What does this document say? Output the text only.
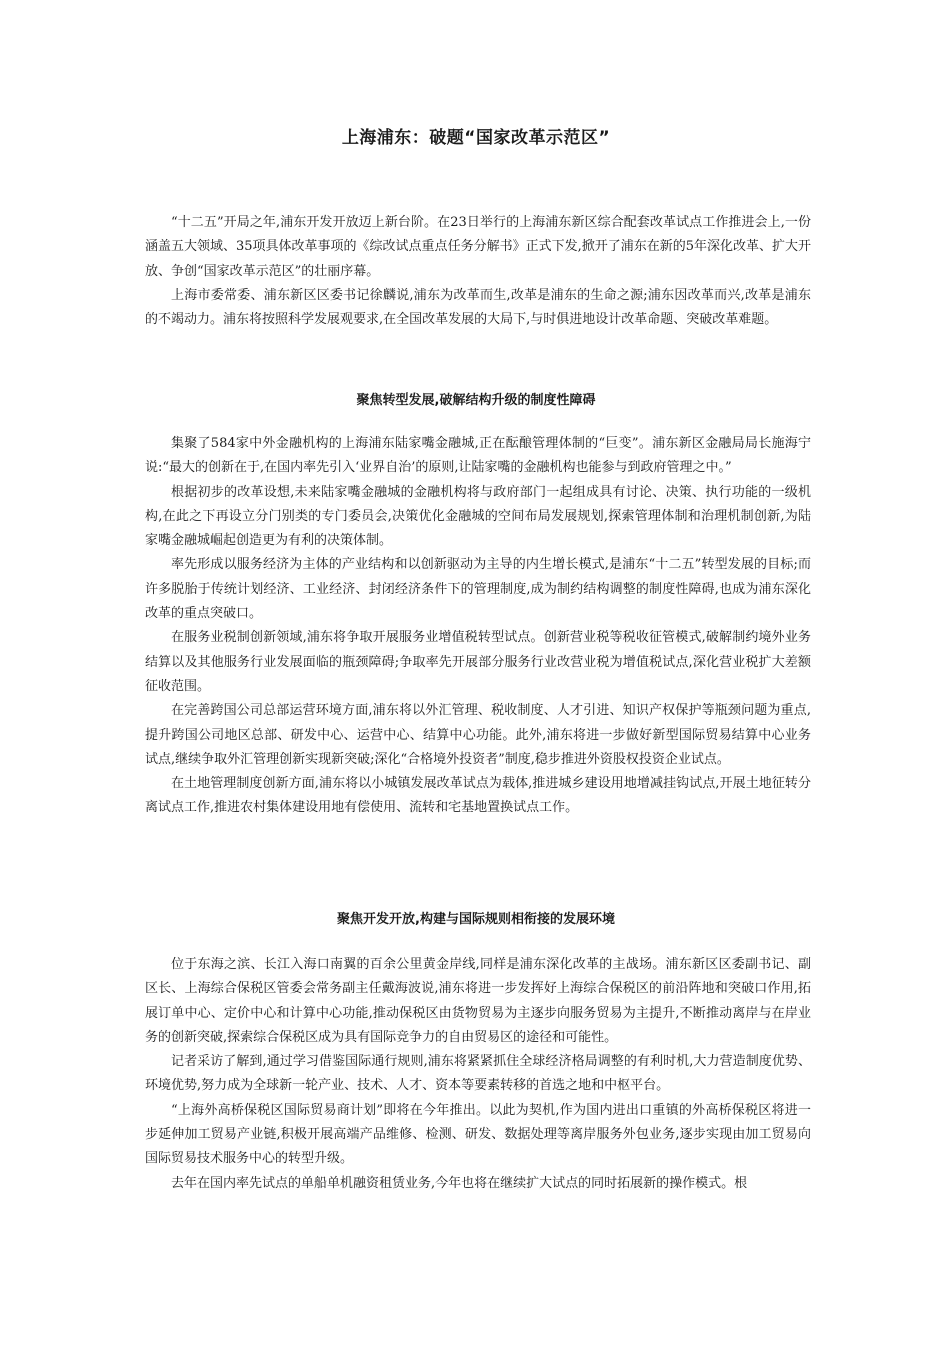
上海浦东：破题“国家改革示范区”

“十二五”开局之年,浦东开发开放迈上新台阶。在23日举行的上海浦东新区综合配套改革试点工作推进会上,一份涵盖五大领域、35项具体改革事项的《综改试点重点任务分解书》正式下发,掀开了浦东在新的5年深化改革、扩大开放、争创“国家改革示范区”的壮丽序幕。

上海市委常委、浦东新区区委书记徐麟说,浦东为改革而生,改革是浦东的生命之源;浦东因改革而兴,改革是浦东的不竭动力。浦东将按照科学发展观要求,在全国改革发展的大局下,与时俱进地设计改革命题、突破改革难题。

聚焦转型发展,破解结构升级的制度性障碍

集聚了584家中外金融机构的上海浦东陆家嘴金融城,正在酝酿管理体制的“巨变”。浦东新区金融局局长施海宁说:“最大的创新在于,在国内率先引入‘业界自治’的原则,让陆家嘴的金融机构也能参与到政府管理之中。”

根据初步的改革设想,未来陆家嘴金融城的金融机构将与政府部门一起组成具有讨论、决策、执行功能的一级机构,在此之下再设立分门别类的专门委员会,决策优化金融城的空间布局发展规划,探索管理体制和治理机制创新,为陆家嘴金融城崛起创造更为有利的决策体制。

率先形成以服务经济为主体的产业结构和以创新驱动为主导的内生增长模式,是浦东“十二五”转型发展的目标;而许多脱胎于传统计划经济、工业经济、封闭经济条件下的管理制度,成为制约结构调整的制度性障碍,也成为浦东深化改革的重点突破口。

在服务业税制创新领域,浦东将争取开展服务业增值税转型试点。创新营业税等税收征管模式,破解制约境外业务结算以及其他服务行业发展面临的瓶颈障碍;争取率先开展部分服务行业改营业税为增值税试点,深化营业税扩大差额征收范围。

在完善跨国公司总部运营环境方面,浦东将以外汇管理、税收制度、人才引进、知识产权保护等瓶颈问题为重点,提升跨国公司地区总部、研发中心、运营中心、结算中心功能。此外,浦东将进一步做好新型国际贸易结算中心业务试点,继续争取外汇管理创新实现新突破;深化“合格境外投资者”制度,稳步推进外资股权投资企业试点。

在土地管理制度创新方面,浦东将以小城镇发展改革试点为载体,推进城乡建设用地增减挂钩试点,开展土地征转分离试点工作,推进农村集体建设用地有偿使用、流转和宅基地置换试点工作。

聚焦开发开放,构建与国际规则相衔接的发展环境

位于东海之滨、长江入海口南翼的百余公里黄金岸线,同样是浦东深化改革的主战场。浦东新区区委副书记、副区长、上海综合保税区管委会常务副主任戴海波说,浦东将进一步发挥好上海综合保税区的前沿阵地和突破口作用,拓展订单中心、定价中心和计算中心功能,推动保税区由货物贸易为主逐步向服务贸易为主提升,不断推动离岸与在岸业务的创新突破,探索综合保税区成为具有国际竞争力的自由贸易区的途径和可能性。

记者采访了解到,通过学习借鉴国际通行规则,浦东将紧紧抓住全球经济格局调整的有利时机,大力营造制度优势、环境优势,努力成为全球新一轮产业、技术、人才、资本等要素转移的首选之地和中枢平台。

“上海外高桥保税区国际贸易商计划”即将在今年推出。以此为契机,作为国内进出口重镇的外高桥保税区将进一步延伸加工贸易产业链,积极开展高端产品维修、检测、研发、数据处理等离岸服务外包业务,逐步实现由加工贸易向国际贸易技术服务中心的转型升级。

去年在国内率先试点的单船单机融资租赁业务,今年也将在继续扩大试点的同时拓展新的操作模式。根
